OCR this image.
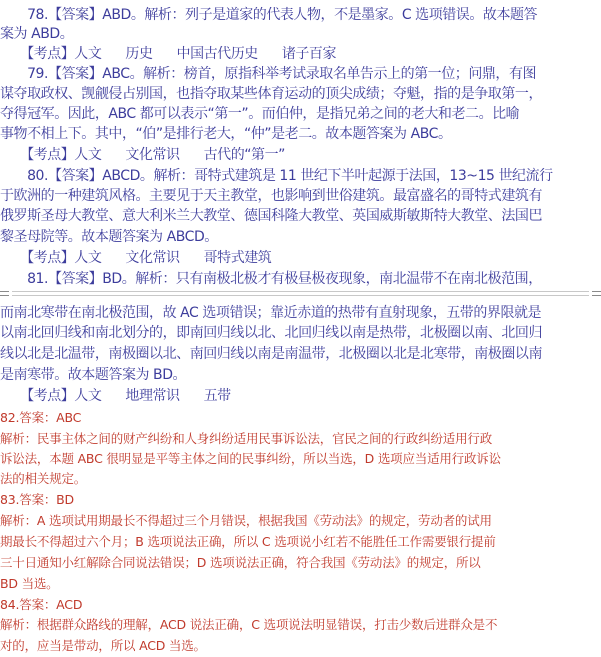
　　78.【答案】ABD。解析：列子是道家的代表人物，不是墨家。C 选项错误。故本题答
案为 ABD。
　　【考点】人文 历史 中国古代历史 诸子百家
　　79.【答案】ABC。解析：榜首，原指科举考试录取名单告示上的第一位；问鼎，有图
谋夺取政权、觊觎侵占别国，也指夺取某些体育运动的顶尖成绩；夺魁，指的是争取第一，
夺得冠军。因此，ABC 都可以表示“第一”。而伯仲，是指兄弟之间的老大和老二。比喻
事物不相上下。其中，“伯”是排行老大，“仲”是老二。故本题答案为 ABC。
　　【考点】人文 文化常识 古代的“第一”
　　80.【答案】ABCD。解析：哥特式建筑是 11 世纪下半叶起源于法国，13~15 世纪流行
于欧洲的一种建筑风格。主要见于天主教堂，也影响到世俗建筑。最富盛名的哥特式建筑有
俄罗斯圣母大教堂、意大利米兰大教堂、德国科隆大教堂、英国威斯敏斯特大教堂、法国巴
黎圣母院等。故本题答案为 ABCD。
　　【考点】人文 文化常识 哥特式建筑
　　81.【答案】BD。解析：只有南极北极才有极昼极夜现象，南北温带不在南北极范围，
而南北寒带在南北极范围，故 AC 选项错误；靠近赤道的热带有直射现象，五带的界限就是
以南北回归线和南北划分的，即南回归线以北、北回归线以南是热带，北极圈以南、北回归
线以北是北温带，南极圈以北、南回归线以南是南温带，北极圈以北是北寒带，南极圈以南
是南寒带。故本题答案为 BD。
　　【考点】人文 地理常识 五带
82.答案：ABC
解析：民事主体之间的财产纠纷和人身纠纷适用民事诉讼法，官民之间的行政纠纷适用行政
诉讼法，本题 ABC 很明显是平等主体之间的民事纠纷，所以当选，D 选项应当适用行政诉讼
法的相关规定。
83.答案：BD
解析：A 选项试用期最长不得超过三个月错误，根据我国《劳动法》的规定，劳动者的试用
期最长不得超过六个月；B 选项说法正确，所以 C 选项说小红若不能胜任工作需要银行提前
三十日通知小红解除合同说法错误；D 选项说法正确，符合我国《劳动法》的规定，所以
BD 当选。
84.答案：ACD
解析：根据群众路线的理解，ACD 说法正确，C 选项说法明显错误，打击少数后进群众是不
对的，应当是带动，所以 ACD 当选。
